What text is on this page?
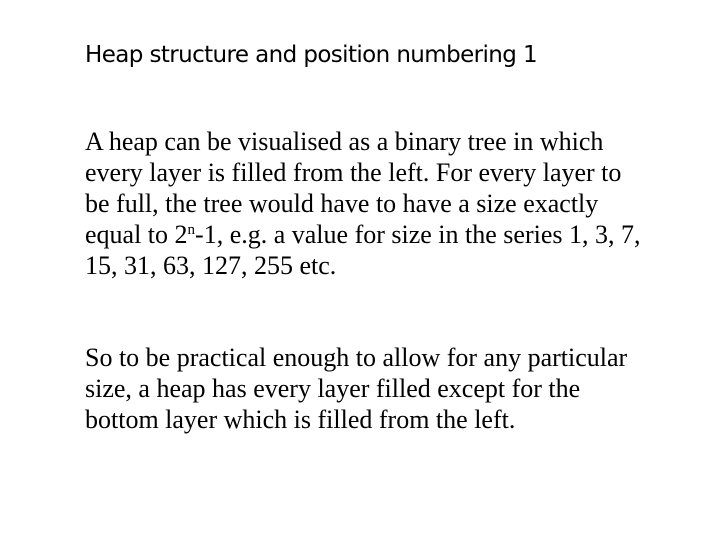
Heap structure and position numbering 1

A heap can be visualised as a binary tree in which
every layer is filled from the left. For every layer to
be full, the tree would have to have a size exactly
equal to 2$^n$-1, e.g. a value for size in the series 1, 3, 7,
15, 31, 63, 127, 255 etc.

So to be practical enough to allow for any particular
size, a heap has every layer filled except for the
bottom layer which is filled from the left.
